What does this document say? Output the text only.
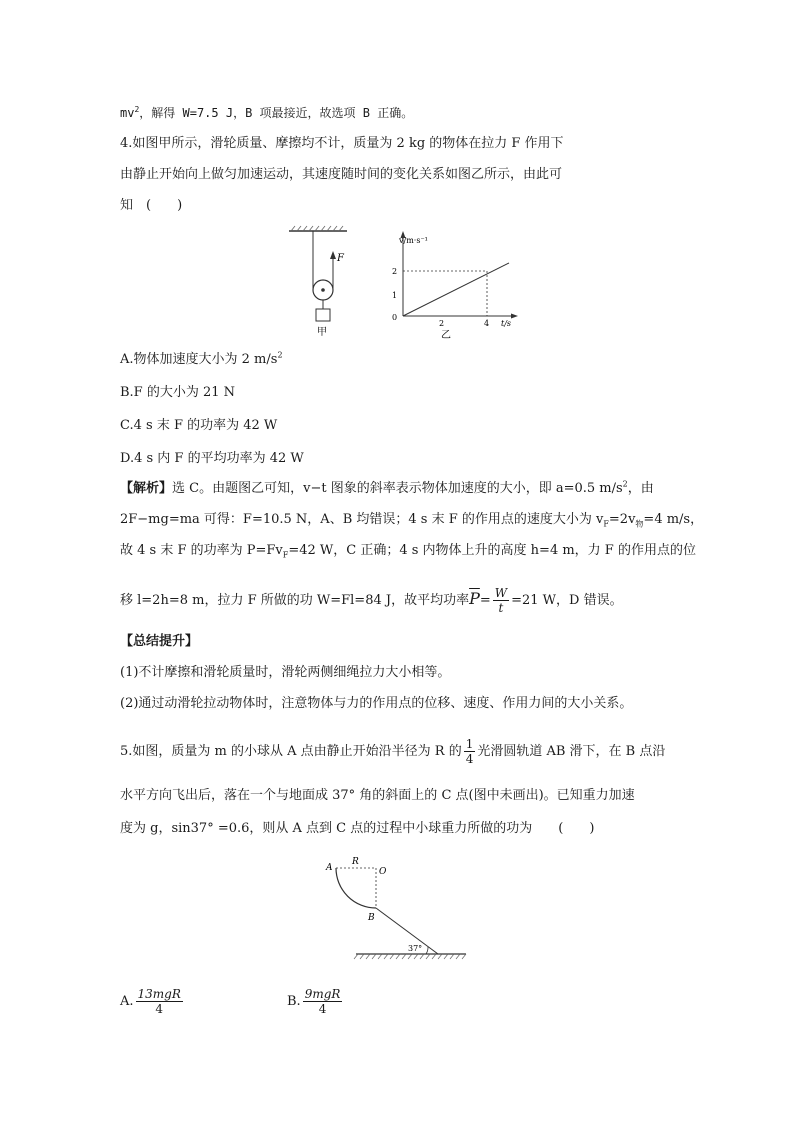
$mv^2$，解得 W=7.5 J，B 项最接近，故选项 B 正确。
4.如图甲所示，滑轮质量、摩擦均不计，质量为 2 kg 的物体在拉力 F 作用下
由静止开始向上做匀加速运动，其速度随时间的变化关系如图乙所示，由此可
知　(　　)
F
甲
v/m·s⁻¹
t/s
0
1
2
2	4
乙
A.物体加速度大小为 2 $m/s^2$
B.F 的大小为 21 N
C.4 s 末 F 的功率为 42 W
D.4 s 内 F 的平均功率为 42 W
【解析】选 C。由题图乙可知，v−t 图象的斜率表示物体加速度的大小，即 a=0.5 $m/s^2$，由
2F−mg=ma 可得：F=10.5 N，A、B 均错误；4 s 末 F 的作用点的速度大小为 $v_F=2v_物=4$ m/s，
故 4 s 末 F 的功率为 $P=Fv_F=42$ W，C 正确；4 s 内物体上升的高度 h=4 m，力 F 的作用点的位
移 l=2h=8 m，拉力 F 所做的功 W=Fl=84 J，故平均功率$\overline{P}= \frac{W}{t} =21$ W，D 错误。
【总结提升】
(1)不计摩擦和滑轮质量时，滑轮两侧细绳拉力大小相等。
(2)通过动滑轮拉动物体时，注意物体与力的作用点的位移、速度、作用力间的大小关系。
5.如图，质量为 m 的小球从 A 点由静止开始沿半径为 R 的 $\frac{1}{4}$ 光滑圆轨道 AB 滑下，在 B 点沿
水平方向飞出后，落在一个与地面成 37° 角的斜面上的 C 点(图中未画出)。已知重力加速
度为 g，sin37° =0.6，则从 A 点到 C 点的过程中小球重力所做的功为　　(　　)
A
R
O
B
37°
A. $\frac{\text{13mgR}}{4}$	B. $\frac{\text{9mgR}}{4}$
